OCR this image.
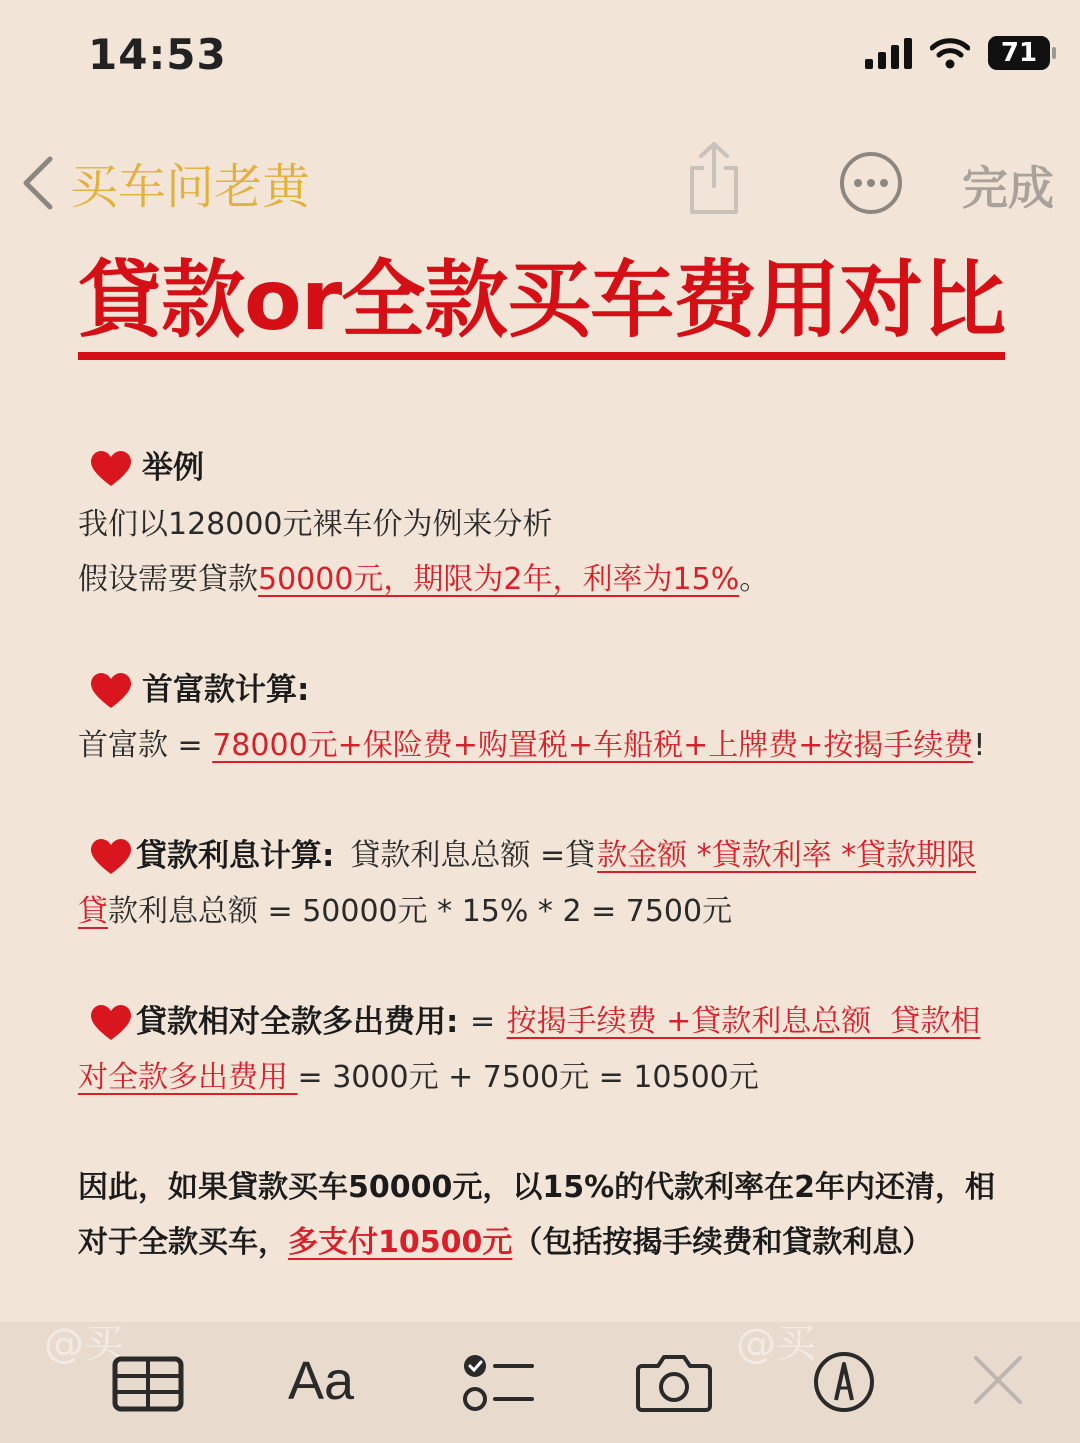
14:53	71
买车问老黄	完成
貸款or全款买车费用对比
举例
我们以128000元裸车价为例来分析
假设需要貸款50000元，期限为2年，利率为15%。
首富款计算:
首富款 = 78000元+保险费+购置税+车船税+上牌费+按揭手续费!
貸款利息计算: 貸款利息总额 =貸 款金额 *貸款利率 *貸款期限
貸款利息总额 = 50000元 * 15% * 2 = 7500元
貸款相对全款多出费用: = 按揭手续费 +貸款利息总额  貸款相
对全款多出费用 = 3000元 + 7500元 = 10500元
因此，如果貸款买车50000元，以15%的代款利率在2年内还清，相
对于全款买车，多支付10500元（包括按揭手续费和貸款利息）
@买	@买
Aa
